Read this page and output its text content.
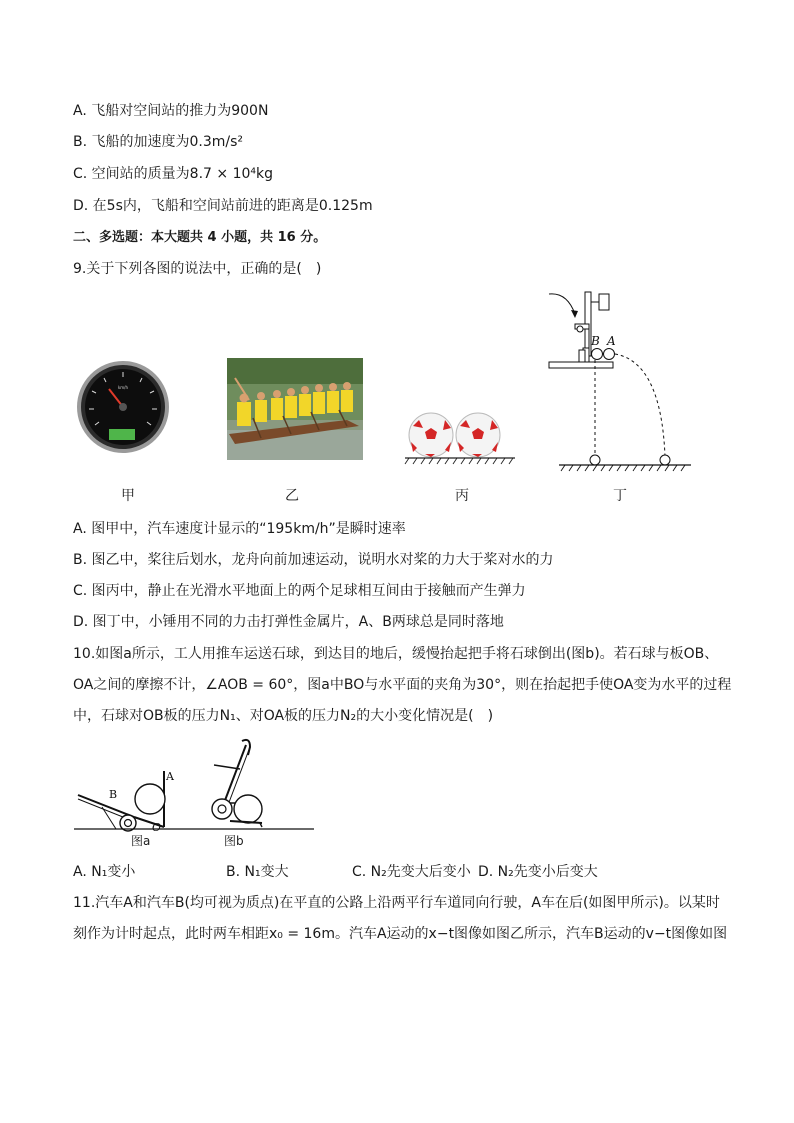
A. 飞船对空间站的推力为900N
B. 飞船的加速度为0.3m/s²
C. 空间站的质量为8.7 × 10⁴kg
D. 在5s内，飞船和空间站前进的距离是0.125m
二、多选题：本大题共 4 小题，共 16 分。
9.关于下列各图的说法中，正确的是(　)
km/h
B A
甲	乙	丙	丁
A. 图甲中，汽车速度计显示的“195km/h”是瞬时速率
B. 图乙中，桨往后划水，龙舟向前加速运动，说明水对桨的力大于桨对水的力
C. 图丙中，静止在光滑水平地面上的两个足球相互间由于接触而产生弹力
D. 图丁中，小锤用不同的力击打弹性金属片，A、B两球总是同时落地
10.如图a所示，工人用推车运送石球，到达目的地后，缓慢抬起把手将石球倒出(图b)。若石球与板OB、
OA之间的摩擦不计，∠AOB = 60°，图a中BO与水平面的夹角为30°，则在抬起把手使OA变为水平的过程
中，石球对OB板的压力N₁、对OA板的压力N₂的大小变化情况是(　)
B
A
O
图a	图b
A. N₁变小	B. N₁变大	C. N₂先变大后变小 D. N₂先变小后变大
11.汽车A和汽车B(均可视为质点)在平直的公路上沿两平行车道同向行驶，A车在后(如图甲所示)。以某时
刻作为计时起点，此时两车相距x₀ = 16m。汽车A运动的x−t图像如图乙所示，汽车B运动的v−t图像如图
